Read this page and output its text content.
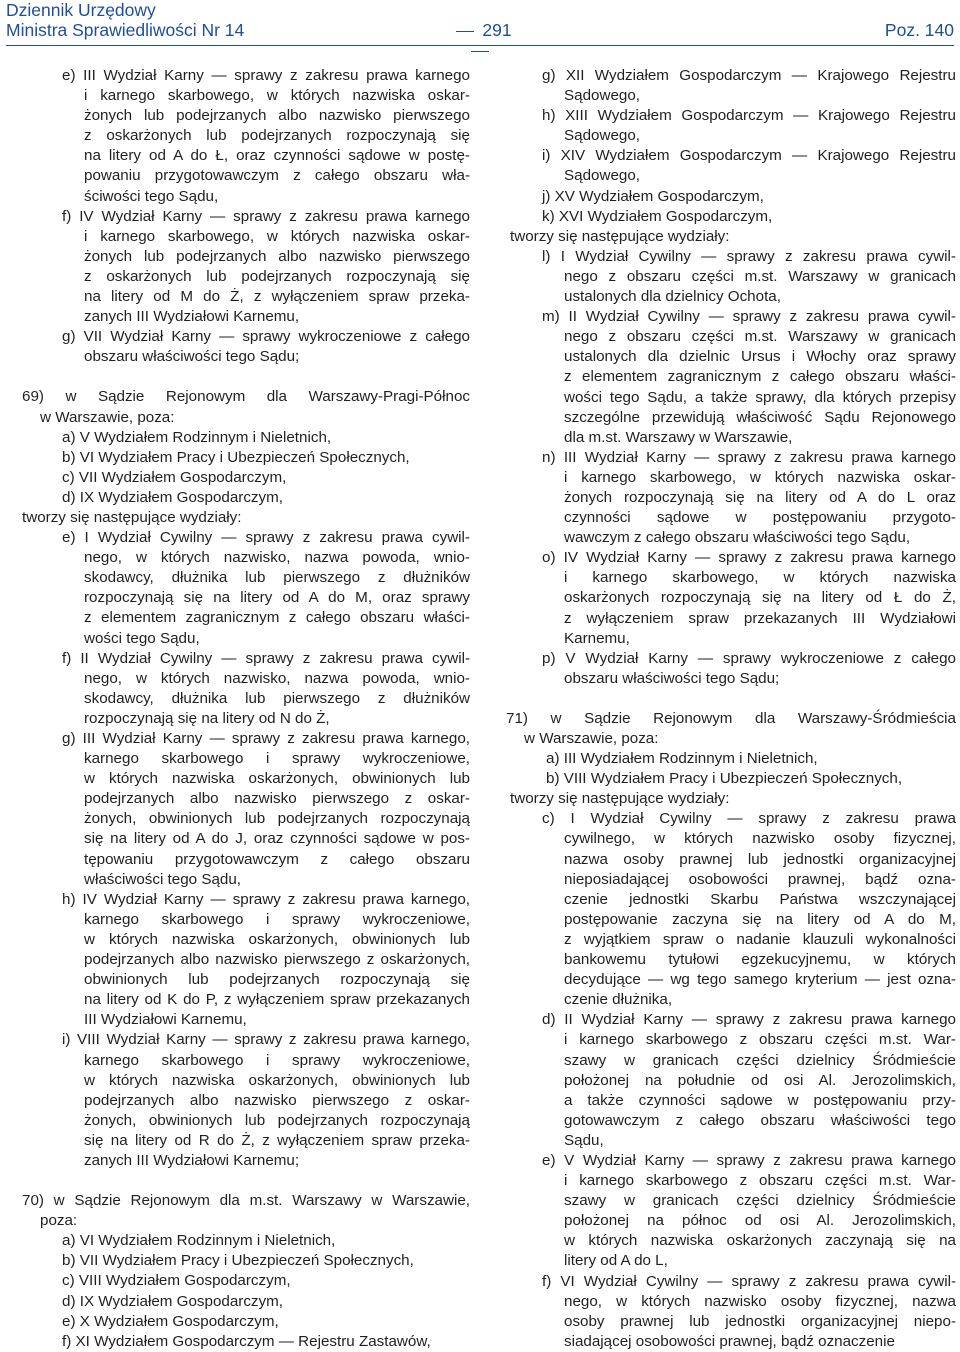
Dziennik Urzędowy
Ministra Sprawiedliwości Nr 14	291	Poz. 140
e) III Wydział Karny — sprawy z zakresu prawa karnego
i karnego skarbowego, w których nazwiska oskar-
żonych lub podejrzanych albo nazwisko pierwszego
z oskarżonych lub podejrzanych rozpoczynają się
na litery od A do Ł, oraz czynności sądowe w postę-
powaniu przygotowawczym z całego obszaru wła-
ściwości tego Sądu,
f) IV Wydział Karny — sprawy z zakresu prawa karnego
i karnego skarbowego, w których nazwiska oskar-
żonych lub podejrzanych albo nazwisko pierwszego
z oskarżonych lub podejrzanych rozpoczynają się
na litery od M do Ż, z wyłączeniem spraw przeka-
zanych III Wydziałowi Karnemu,
g) VII Wydział Karny — sprawy wykroczeniowe z całego
obszaru właściwości tego Sądu;
69) w Sądzie Rejonowym dla Warszawy-Pragi-Północ
w Warszawie, poza:
a) V Wydziałem Rodzinnym i Nieletnich,
b) VI Wydziałem Pracy i Ubezpieczeń Społecznych,
c) VII Wydziałem Gospodarczym,
d) IX Wydziałem Gospodarczym,
tworzy się następujące wydziały:
e) I Wydział Cywilny — sprawy z zakresu prawa cywil-
nego, w których nazwisko, nazwa powoda, wnio-
skodawcy, dłużnika lub pierwszego z dłużników
rozpoczynają się na litery od A do M, oraz sprawy
z elementem zagranicznym z całego obszaru właści-
wości tego Sądu,
f) II Wydział Cywilny — sprawy z zakresu prawa cywil-
nego, w których nazwisko, nazwa powoda, wnio-
skodawcy, dłużnika lub pierwszego z dłużników
rozpoczynają się na litery od N do Ż,
g) III Wydział Karny — sprawy z zakresu prawa karnego,
karnego skarbowego i sprawy wykroczeniowe,
w których nazwiska oskarżonych, obwinionych lub
podejrzanych albo nazwisko pierwszego z oskar-
żonych, obwinionych lub podejrzanych rozpoczynają
się na litery od A do J, oraz czynności sądowe w pos-
tępowaniu przygotowawczym z całego obszaru
właściwości tego Sądu,
h) IV Wydział Karny — sprawy z zakresu prawa karnego,
karnego skarbowego i sprawy wykroczeniowe,
w których nazwiska oskarżonych, obwinionych lub
podejrzanych albo nazwisko pierwszego z oskarżonych,
obwinionych lub podejrzanych rozpoczynają się
na litery od K do P, z wyłączeniem spraw przekazanych
III Wydziałowi Karnemu,
i) VIII Wydział Karny — sprawy z zakresu prawa karnego,
karnego skarbowego i sprawy wykroczeniowe,
w których nazwiska oskarżonych, obwinionych lub
podejrzanych albo nazwisko pierwszego z oskar-
żonych, obwinionych lub podejrzanych rozpoczynają
się na litery od R do Ż, z wyłączeniem spraw przeka-
zanych III Wydziałowi Karnemu;
70) w Sądzie Rejonowym dla m.st. Warszawy w Warszawie,
poza:
a) VI Wydziałem Rodzinnym i Nieletnich,
b) VII Wydziałem Pracy i Ubezpieczeń Społecznych,
c) VIII Wydziałem Gospodarczym,
d) IX Wydziałem Gospodarczym,
e) X Wydziałem Gospodarczym,
f) XI Wydziałem Gospodarczym — Rejestru Zastawów,
g) XII Wydziałem Gospodarczym — Krajowego Rejestru
Sądowego,
h) XIII Wydziałem Gospodarczym — Krajowego Rejestru
Sądowego,
i) XIV Wydziałem Gospodarczym — Krajowego Rejestru
Sądowego,
j) XV Wydziałem Gospodarczym,
k) XVI Wydziałem Gospodarczym,
tworzy się następujące wydziały:
l) I Wydział Cywilny — sprawy z zakresu prawa cywil-
nego z obszaru części m.st. Warszawy w granicach
ustalonych dla dzielnicy Ochota,
m) II Wydział Cywilny — sprawy z zakresu prawa cywil-
nego z obszaru części m.st. Warszawy w granicach
ustalonych dla dzielnic Ursus i Włochy oraz sprawy
z elementem zagranicznym z całego obszaru właści-
wości tego Sądu, a także sprawy, dla których przepisy
szczególne przewidują właściwość Sądu Rejonowego
dla m.st. Warszawy w Warszawie,
n) III Wydział Karny — sprawy z zakresu prawa karnego
i karnego skarbowego, w których nazwiska oskar-
żonych rozpoczynają się na litery od A do L oraz
czynności sądowe w postępowaniu przygoto-
wawczym z całego obszaru właściwości tego Sądu,
o) IV Wydział Karny — sprawy z zakresu prawa karnego
i karnego skarbowego, w których nazwiska
oskarżonych rozpoczynają się na litery od Ł do Ż,
z wyłączeniem spraw przekazanych III Wydziałowi
Karnemu,
p) V Wydział Karny — sprawy wykroczeniowe z całego
obszaru właściwości tego Sądu;
71) w Sądzie Rejonowym dla Warszawy-Śródmieścia
w Warszawie, poza:
a) III Wydziałem Rodzinnym i Nieletnich,
b) VIII Wydziałem Pracy i Ubezpieczeń Społecznych,
tworzy się następujące wydziały:
c) I Wydział Cywilny — sprawy z zakresu prawa
cywilnego, w których nazwisko osoby fizycznej,
nazwa osoby prawnej lub jednostki organizacyjnej
nieposiadającej osobowości prawnej, bądź ozna-
czenie jednostki Skarbu Państwa wszczynającej
postępowanie zaczyna się na litery od A do M,
z wyjątkiem spraw o nadanie klauzuli wykonalności
bankowemu tytułowi egzekucyjnemu, w których
decydujące — wg tego samego kryterium — jest ozna-
czenie dłużnika,
d) II Wydział Karny — sprawy z zakresu prawa karnego
i karnego skarbowego z obszaru części m.st. War-
szawy w granicach części dzielnicy Śródmieście
położonej na południe od osi Al. Jerozolimskich,
a także czynności sądowe w postępowaniu przy-
gotowawczym z całego obszaru właściwości tego
Sądu,
e) V Wydział Karny — sprawy z zakresu prawa karnego
i karnego skarbowego z obszaru części m.st. War-
szawy w granicach części dzielnicy Śródmieście
położonej na północ od osi Al. Jerozolimskich,
w których nazwiska oskarżonych zaczynają się na
litery od A do L,
f) VI Wydział Cywilny — sprawy z zakresu prawa cywil-
nego, w których nazwisko osoby fizycznej, nazwa
osoby prawnej lub jednostki organizacyjnej niepo-
siadającej osobowości prawnej, bądź oznaczenie
